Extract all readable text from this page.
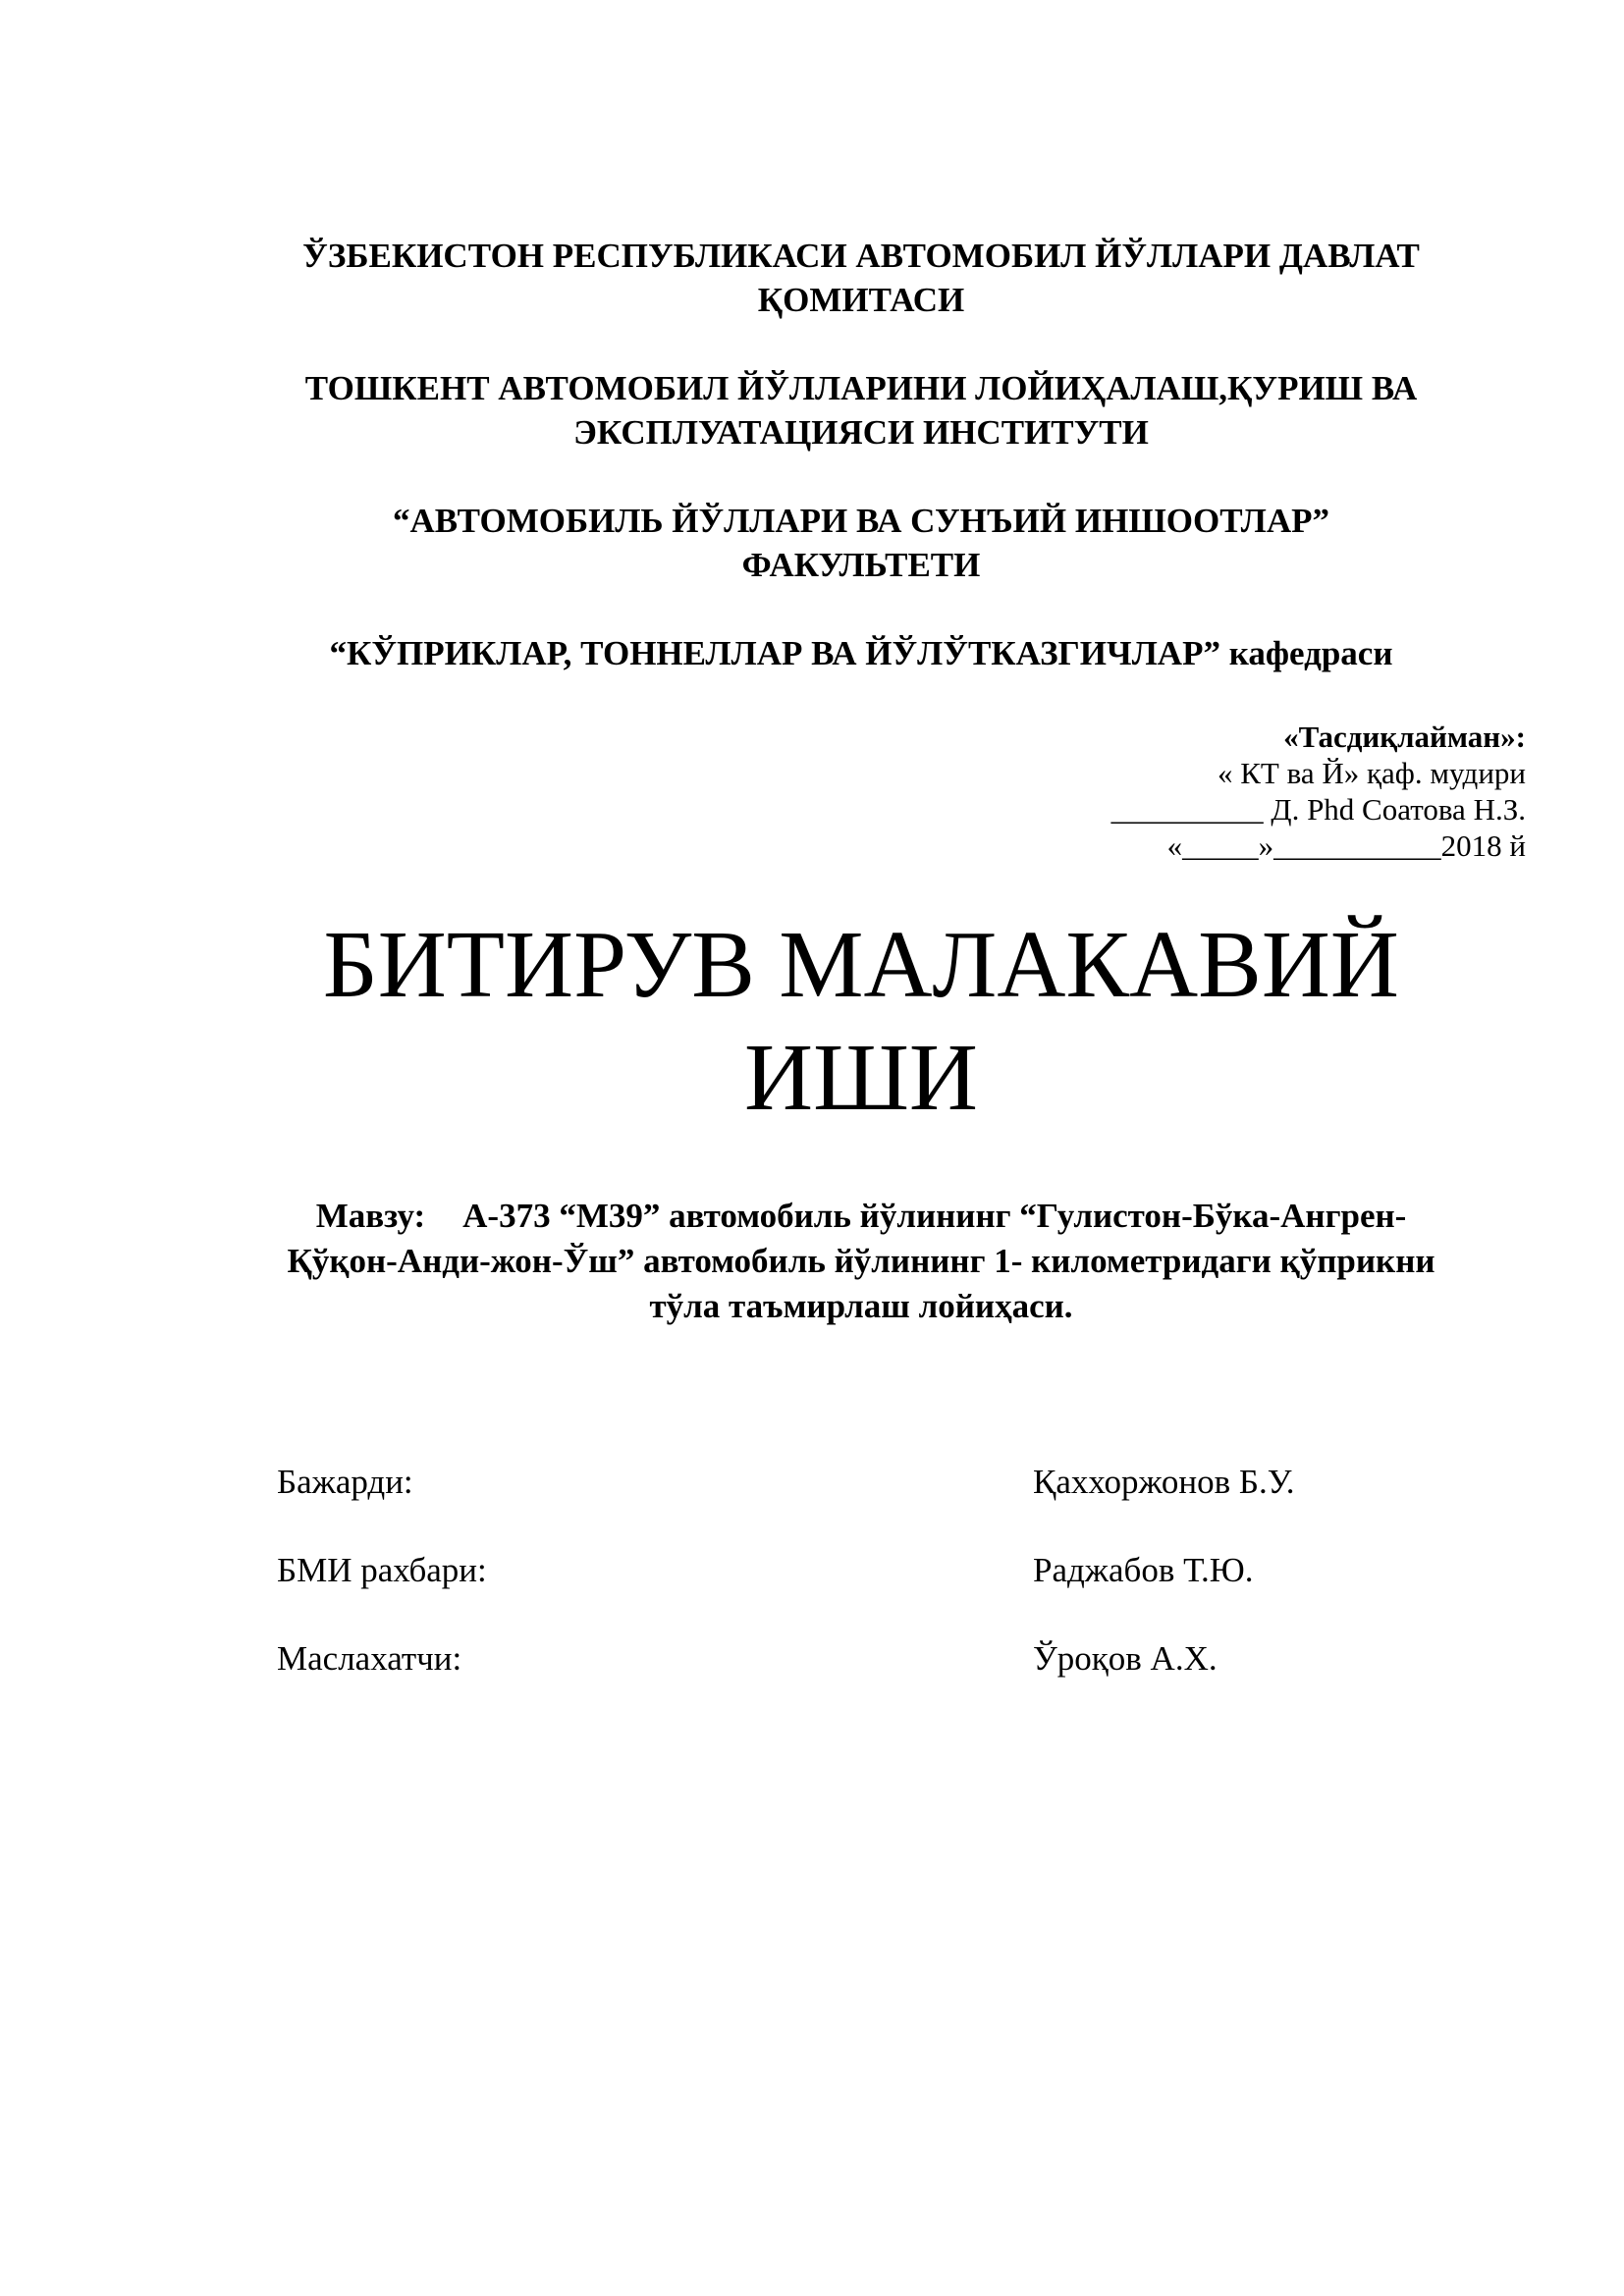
ЎЗБЕКИСТОН РЕСПУБЛИКАСИ АВТОМОБИЛ ЙЎЛЛАРИ ДАВЛАТ
ҚОМИТАСИ
ТОШКЕНТ АВТОМОБИЛ ЙЎЛЛАРИНИ ЛОЙИҲАЛАШ,ҚУРИШ ВА
ЭКСПЛУАТАЦИЯСИ ИНСТИТУТИ
“АВТОМОБИЛЬ ЙЎЛЛАРИ ВА СУНЪИЙ ИНШООТЛАР”
ФАКУЛЬТЕТИ
“КЎПРИКЛАР, ТОННЕЛЛАР ВА ЙЎЛЎТКАЗГИЧЛАР” кафедраси
«Тасдиқлайман»:
« КТ ва Й» қаф. мудири
__________ Д. Phd Соатова Н.З.
«_____»___________2018 й
БИТИРУВ МАЛАКАВИЙ
ИШИ
Мавзу: А-373 “М39” автомобиль йўлининг “Гулистон-Бўка-Ангрен-
Қўқон-Анди-жон-Ўш” автомобиль йўлининг 1- километридаги қўприкни
тўла таъмирлаш лойиҳаси.
Бажарди:	Қаххоржонов Б.У.
БМИ рахбари:	Раджабов Т.Ю.
Маслахатчи:	Ўроқов А.Х.
